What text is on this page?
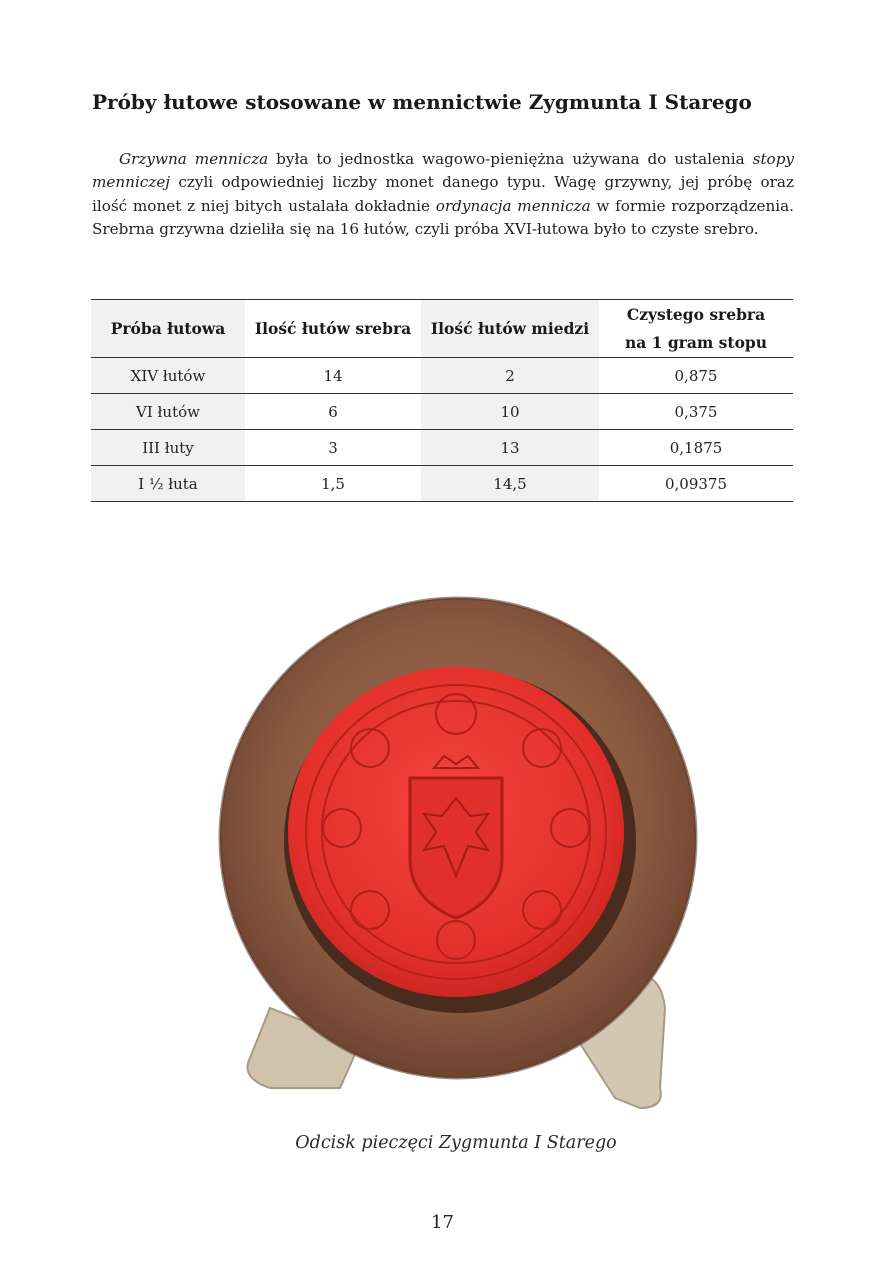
Próby łutowe stosowane w mennictwie Zygmunta I Starego

Grzywna mennicza była to jednostka wagowo-pieniężna używana do ustalenia stopy menniczej czyli odpowiedniej liczby monet danego typu. Wagę grzywny, jej próbę oraz ilość monet z niej bitych ustalała dokładnie ordynacja mennicza w formie rozporządzenia. Srebrna grzywna dzieliła się na 16 łutów, czyli próba XVI-łutowa było to czyste srebro.

Próba łutowa	Ilość łutów srebra	Ilość łutów miedzi	Czystego srebra
na 1 gram stopu
XIV łutów	14	2	0,875
VI łutów	6	10	0,375
III łuty	3	13	0,1875
I ½ łuta	1,5	14,5	0,09375
Odcisk pieczęci Zygmunta I Starego
17
